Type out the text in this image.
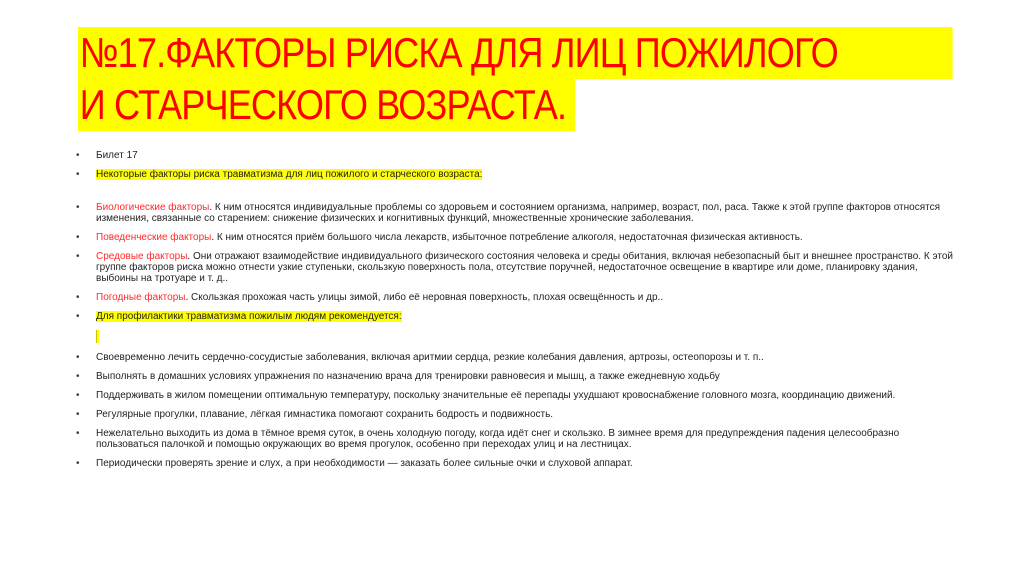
№17.ФАКТОРЫ РИСКА ДЛЯ ЛИЦ ПОЖИЛОГО
И СТАРЧЕСКОГО ВОЗРАСТА.
• Билет 17
• Некоторые факторы риска травматизма для лиц пожилого и старческого возраста:
• Биологические факторы. К ним относятся индивидуальные проблемы со здоровьем и состоянием организма, например, возраст, пол, раса. Также к этой группе факторов относятся изменения, связанные со старением: снижение физических и когнитивных функций, множественные хронические заболевания.
• Поведенческие факторы. К ним относятся приём большого числа лекарств, избыточное потребление алкоголя, недостаточная физическая активность.
• Средовые факторы. Они отражают взаимодействие индивидуального физического состояния человека и среды обитания, включая небезопасный быт и внешнее пространство. К этой группе факторов риска можно отнести узкие ступеньки, скользкую поверхность пола, отсутствие поручней, недостаточное освещение в квартире или доме, планировку здания, выбоины на тротуаре и т. д..
• Погодные факторы. Скользкая прохожая часть улицы зимой, либо её неровная поверхность, плохая освещённость и др..
• Для профилактики травматизма пожилым людям рекомендуется:
• Своевременно лечить сердечно-сосудистые заболевания, включая аритмии сердца, резкие колебания давления, артрозы, остеопорозы и т. п..
• Выполнять в домашних условиях упражнения по назначению врача для тренировки равновесия и мышц, а также ежедневную ходьбу
• Поддерживать в жилом помещении оптимальную температуру, поскольку значительные её перепады ухудшают кровоснабжение головного мозга, координацию движений.
• Регулярные прогулки, плавание, лёгкая гимнастика помогают сохранить бодрость и подвижность.
• Нежелательно выходить из дома в тёмное время суток, в очень холодную погоду, когда идёт снег и скользко. В зимнее время для предупреждения падения целесообразно пользоваться палочкой и помощью окружающих во время прогулок, особенно при переходах улиц и на лестницах.
• Периодически проверять зрение и слух, а при необходимости — заказать более сильные очки и слуховой аппарат.
